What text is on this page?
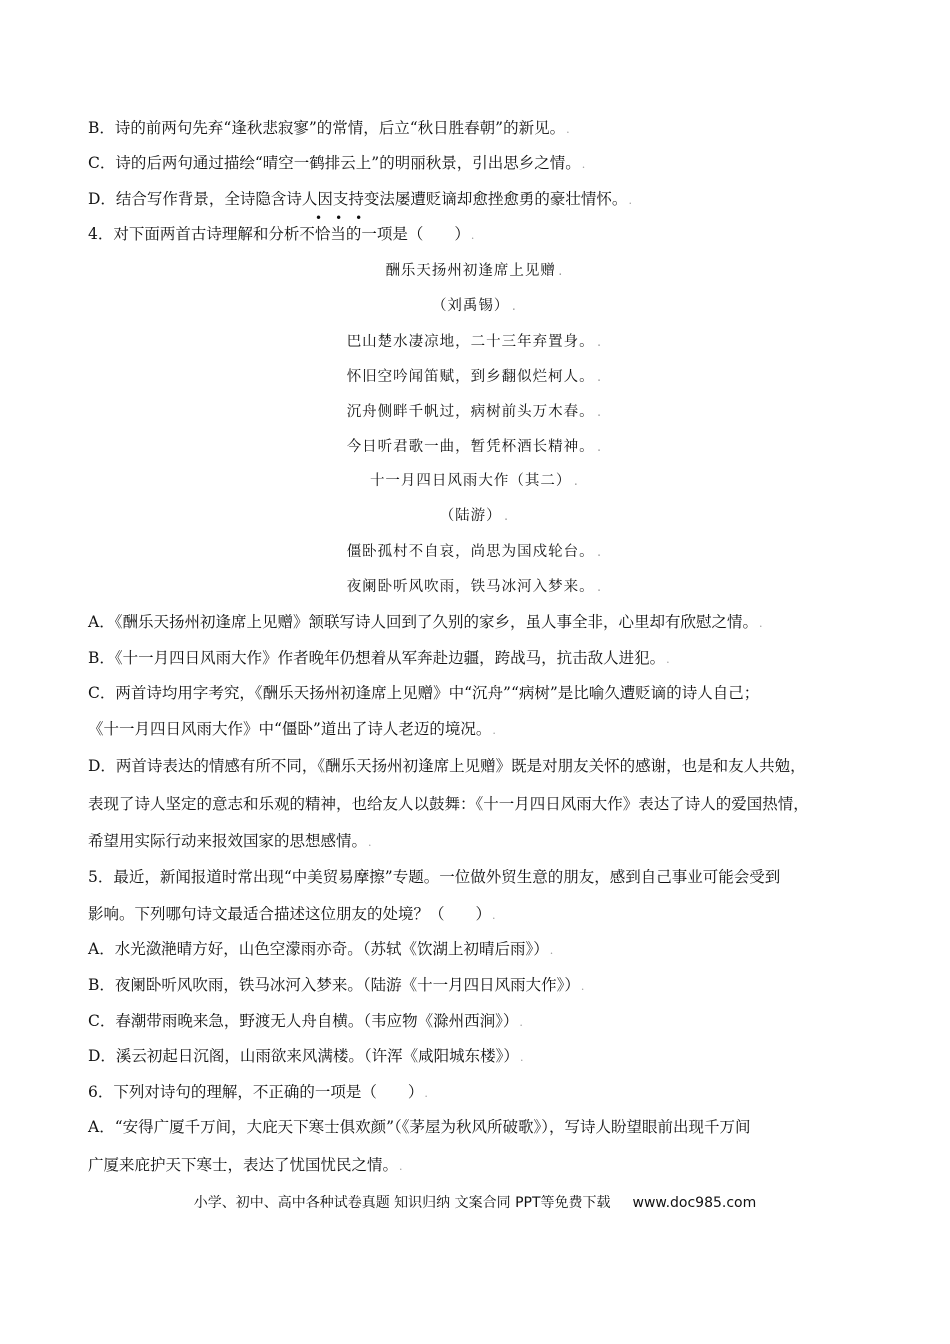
B．诗的前两句先弃“逢秋悲寂寥”的常情，后立“秋日胜春朝”的新见。.
C．诗的后两句通过描绘“晴空一鹤排云上”的明丽秋景，引出思乡之情。.
D．结合写作背景，全诗隐含诗人因支持变法屡遭贬谪却愈挫愈勇的豪壮情怀。.
•••
4．对下面两首古诗理解和分析不恰当的一项是（　　）.
酬乐天扬州初逢席上见赠.
（刘禹锡）.
巴山楚水凄凉地，二十三年弃置身。.
怀旧空吟闻笛赋，到乡翻似烂柯人。.
沉舟侧畔千帆过，病树前头万木春。.
今日听君歌一曲，暂凭杯酒长精神。.
十一月四日风雨大作（其二）.
（陆游）.
僵卧孤村不自哀，尚思为国戍轮台。.
夜阑卧听风吹雨，铁马冰河入梦来。.
A．《酬乐天扬州初逢席上见赠》颔联写诗人回到了久别的家乡，虽人事全非，心里却有欣慰之情。.
B．《十一月四日风雨大作》作者晚年仍想着从军奔赴边疆，跨战马，抗击敌人进犯。.
C．两首诗均用字考究，《酬乐天扬州初逢席上见赠》中“沉舟”“病树”是比喻久遭贬谪的诗人自己；
《十一月四日风雨大作》中“僵卧”道出了诗人老迈的境况。.
D．两首诗表达的情感有所不同，《酬乐天扬州初逢席上见赠》既是对朋友关怀的感谢，也是和友人共勉，
表现了诗人坚定的意志和乐观的精神，也给友人以鼓舞：《十一月四日风雨大作》表达了诗人的爱国热情，
希望用实际行动来报效国家的思想感情。.
5．最近，新闻报道时常出现“中美贸易摩擦”专题。一位做外贸生意的朋友，感到自己事业可能会受到
影响。下列哪句诗文最适合描述这位朋友的处境？（　　）.
A．水光潋滟晴方好，山色空濛雨亦奇。（苏轼《饮湖上初晴后雨》）.
B．夜阑卧听风吹雨，铁马冰河入梦来。（陆游《十一月四日风雨大作》）.
C．春潮带雨晚来急，野渡无人舟自横。（韦应物《滁州西涧》）.
D．溪云初起日沉阁，山雨欲来风满楼。（许浑《咸阳城东楼》）.
6．下列对诗句的理解，不正确的一项是（　　）.
A．“安得广厦千万间，大庇天下寒士俱欢颜”（《茅屋为秋风所破歌》），写诗人盼望眼前出现千万间
广厦来庇护天下寒士，表达了忧国忧民之情。.
小学、初中、高中各种试卷真题 知识归纳 文案合同 PPT等免费下载 www.doc985.com
